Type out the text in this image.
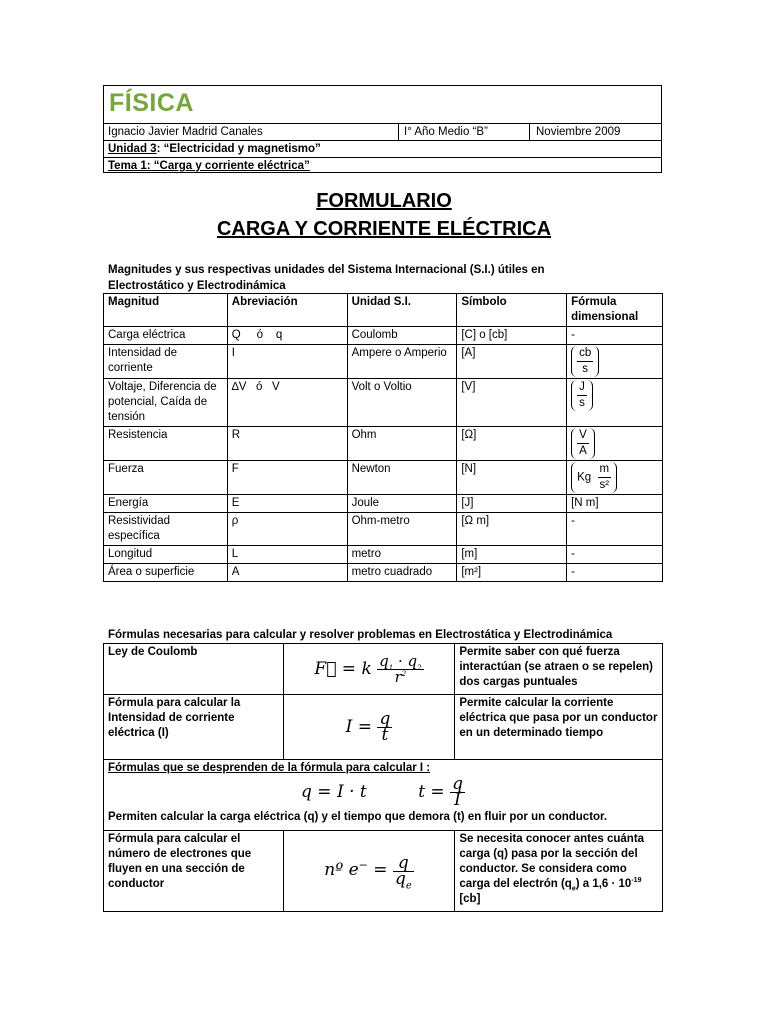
FÍSICA
Ignacio Javier Madrid Canales	I° Año Medio “B”	Noviembre 2009
Unidad 3: “Electricidad y magnetismo”
Tema 1: “Carga y corriente eléctrica”
FORMULARIO
CARGA Y CORRIENTE ELÉCTRICA
Magnitudes y sus respectivas unidades del Sistema Internacional (S.I.) útiles en Electrostático y Electrodinámica
Magnitud	Abreviación	Unidad S.I.	Símbolo	Fórmula dimensional
Carga eléctrica	Q     ó    q	Coulomb	[C] o [cb]	-
Intensidad de corriente	I	Ampere o Amperio	[A]	$\frac{cb}{s}$

Voltaje, Diferencia de potencial, Caída de tensión	∆V   ó   V	Volt o Voltio	[V]	$\frac{J}{s}$

Resistencia	R	Ohm	[Ω]	$\frac{V}{A}$

Fuerza	F	Newton	[N]	Kg $\frac{m}{\text{s²}}$

Energía	E	Joule	[J]	[N m]
Resistividad específica	ρ	Ohm-metro	[Ω m]	-
Longitud	L	metro	[m]	-
Área o superficie	A	metro cuadrado	[m²]	-
Fórmulas necesarias para calcular y resolver problemas en Electrostática y Electrodinámica
Ley de Coulomb	F⃗ = k $\frac{q_1 \cdot q_2}{r^2}$	Permite saber con qué fuerza interactúan (se atraen o se repelen) dos cargas puntuales
Fórmula para calcular la Intensidad de corriente eléctrica (I)	$I = \frac{q}{t}$	Permite calcular la corriente eléctrica que pasa por un conductor en un determinado tiempo

Fórmulas que se desprenden de la fórmula para calcular I :
q = I · t $t = \frac{q}{I}$
Permiten calcular la carga eléctrica (q) y el tiempo que demora (t) en fluir por un conductor.		

Fórmula para calcular el número de electrones que fluyen en una sección de conductor	nº $e^- = \frac{q}{q_e}$	Se necesita conocer antes cuánta carga (q) pasa por la sección del conductor. Se considera como carga del electrón $(q_e)$ a $1,6 \cdot 10^{-19}$ [cb]
